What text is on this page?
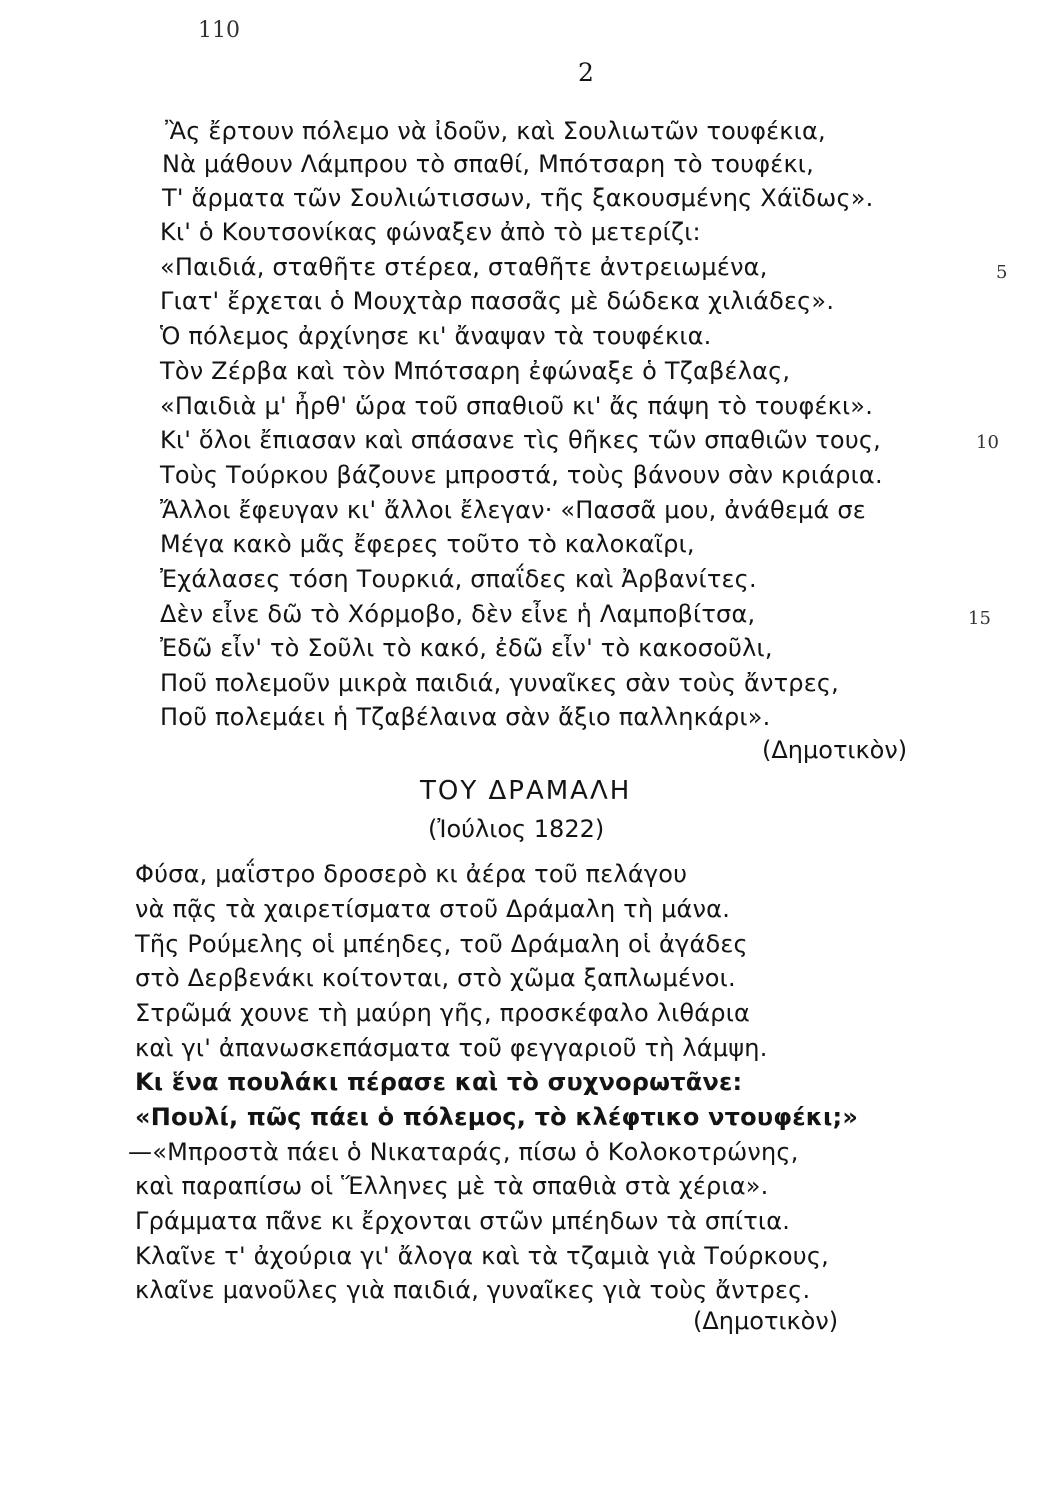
110
2
Ἂς ἔρτουν πόλεμο νὰ ἰδοῦν, καὶ Σουλιωτῶν τουφέκια,
Νὰ μάθουν Λάμπρου τὸ σπαθί, Μπότσαρη τὸ τουφέκι,
Τ' ἅρματα τῶν Σουλιώτισσων, τῆς ξακουσμένης Χάϊδως».
Κι' ὁ Κουτσονίκας φώναξεν ἀπὸ τὸ μετερίζι:
«Παιδιά, σταθῆτε στέρεα, σταθῆτε ἀντρειωμένα,
Γιατ' ἔρχεται ὁ Μουχτὰρ πασσᾶς μὲ δώδεκα χιλιάδες».
Ὁ πόλεμος ἀρχίνησε κι' ἄναψαν τὰ τουφέκια.
Τὸν Ζέρβα καὶ τὸν Μπότσαρη ἐφώναξε ὁ Τζαβέλας,
«Παιδιὰ μ' ἦρθ' ὥρα τοῦ σπαθιοῦ κι' ἄς πάψη τὸ τουφέκι».
Κι' ὅλοι ἔπιασαν καὶ σπάσανε τὶς θῆκες τῶν σπαθιῶν τους,
Τοὺς Τούρκου βάζουνε μπροστά, τοὺς βάνουν σὰν κριάρια.
Ἄλλοι ἔφευγαν κι' ἄλλοι ἔλεγαν· «Πασσᾶ μου, ἀνάθεμά σε
Μέγα κακὸ μᾶς ἔφερες τοῦτο τὸ καλοκαῖρι,
Ἐχάλασες τόση Τουρκιά, σπαΐδες καὶ Ἀρβανίτες.
Δὲν εἶνε δῶ τὸ Χόρμοβο, δὲν εἶνε ἡ Λαμποβίτσα,
Ἐδῶ εἶν' τὸ Σοῦλι τὸ κακό, ἐδῶ εἶν' τὸ κακοσοῦλι,
Ποῦ πολεμοῦν μικρὰ παιδιά, γυναῖκες σὰν τοὺς ἄντρες,
Ποῦ πολεμάει ἡ Τζαβέλαινα σὰν ἄξιο παλληκάρι».
5
10
15
(Δημοτικὸν)
ΤΟΥ ΔΡΑΜΑΛΗ
(Ἰούλιος 1822)
Φύσα, μαΐστρο δροσερὸ κι ἀέρα τοῦ πελάγου
νὰ πᾷς τὰ χαιρετίσματα στοῦ Δράμαλη τὴ μάνα.
Τῆς Ρούμελης οἱ μπέηδες, τοῦ Δράμαλη οἱ ἀγάδες
στὸ Δερβενάκι κοίτονται, στὸ χῶμα ξαπλωμένοι.
Στρῶμά χουνε τὴ μαύρη γῆς, προσκέφαλο λιθάρια
καὶ γι' ἀπανωσκεπάσματα τοῦ φεγγαριοῦ τὴ λάμψη.
Κι ἕνα πουλάκι πέρασε καὶ τὸ συχνορωτᾶνε:
«Πουλί, πῶς πάει ὁ πόλεμος, τὸ κλέφτικο ντουφέκι;»
—«Μπροστὰ πάει ὁ Νικαταράς, πίσω ὁ Κολοκοτρώνης,
καὶ παραπίσω οἱ Ἕλληνες μὲ τὰ σπαθιὰ στὰ χέρια».
Γράμματα πᾶνε κι ἔρχονται στῶν μπέηδων τὰ σπίτια.
Κλαῖνε τ' ἀχούρια γι' ἄλογα καὶ τὰ τζαμιὰ γιὰ Τούρκους,
κλαῖνε μανοῦλες γιὰ παιδιά, γυναῖκες γιὰ τοὺς ἄντρες.
(Δημοτικὸν)
